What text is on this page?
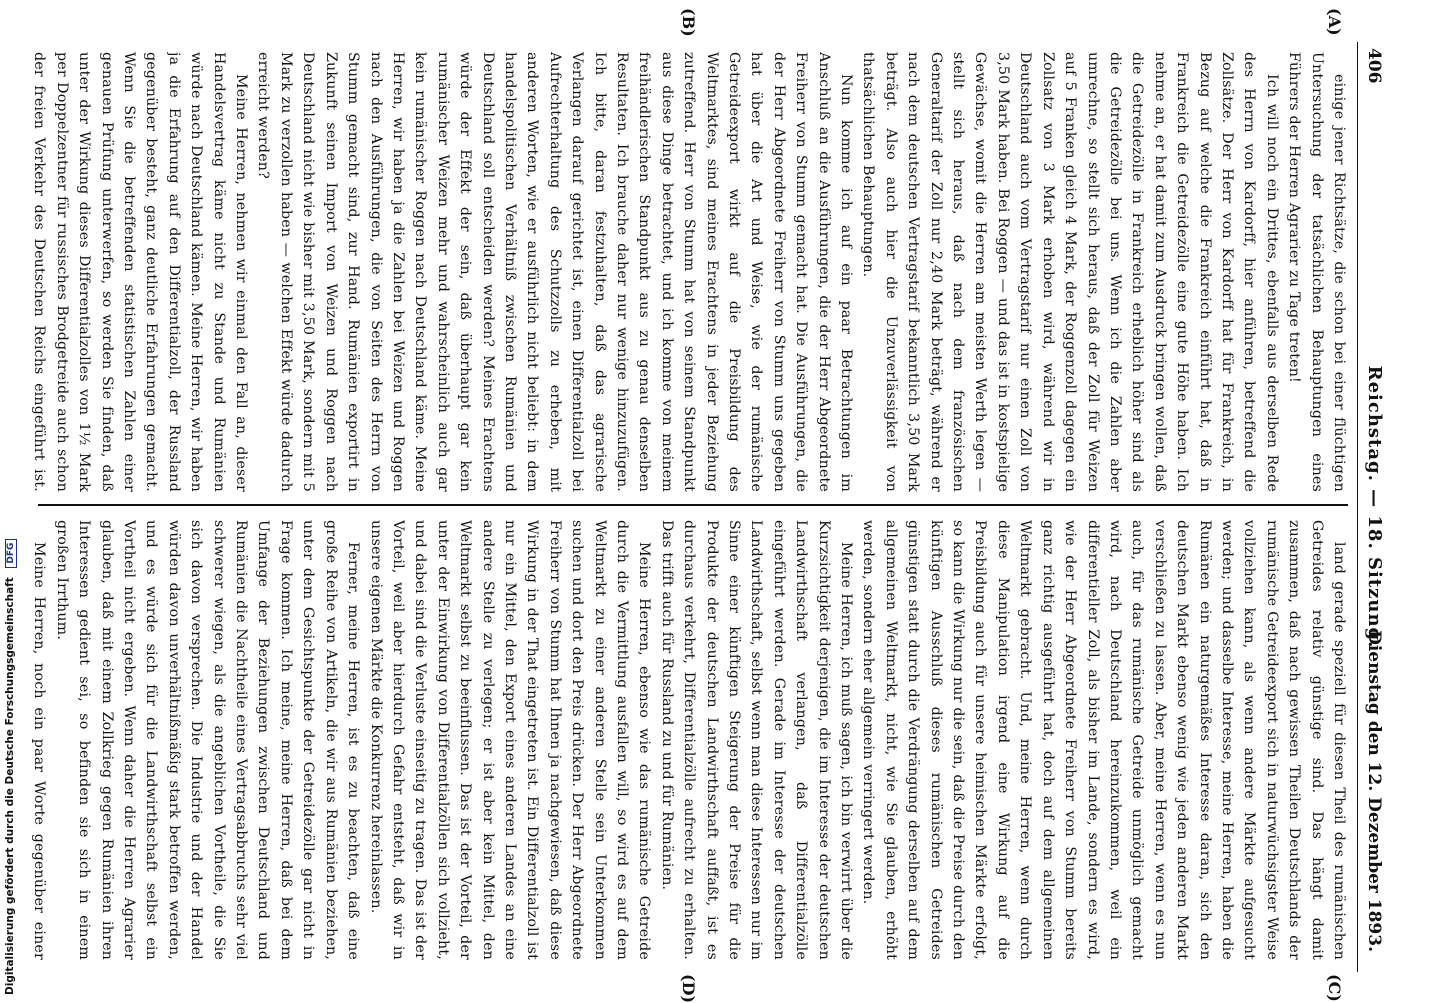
406
Reichstag. — 18. Sitzung.
Dienstag den 12. Dezember 1893.
(A)
(B)
(C)
(D)

einige jener Richtsätze, die schon bei einer flüchtigen Untersuchung der tatsächlichen Behauptungen eines Führers der Herren Agrarier zu Tage treten!

Ich will noch ein Drittes, ebenfalls aus derselben Rede des Herrn von Kardorff, hier anführen, betreffend die Zollsätze. Der Herr von Kardorff hat für Frankreich, in Bezug auf welche die Frankreich einführt hat, daß in Frankreich die Getreidezölle eine gute Höhe haben. Ich nehme an, er hat damit zum Ausdruck bringen wollen, daß die Getreidezölle in Frankreich erheblich höher sind als die Getreidezölle bei uns. Wenn ich die Zahlen aber umrechne, so stellt sich heraus, daß der Zoll für Weizen auf 5 Franken gleich 4 Mark, der Roggenzoll dagegen ein Zollsatz von 3 Mark erhoben wird, während wir in Deutschland auch vom Vertragstarif nur einen Zoll von 3,50 Mark haben. Bei Roggen — und das ist in kostspielige Gewächse, womit die Herren am meisten Werth legen — stellt sich heraus, daß nach dem französischen Generaltarif der Zoll nur 2,40 Mark beträgt, während er nach dem deutschen Vertragstarif bekanntlich 3,50 Mark beträgt. Also auch hier die Unzuverlässigkeit von thatsächlichen Behauptungen.

Nun komme ich auf ein paar Betrachtungen im Anschluß an die Ausführungen, die der Herr Abgeordnete Freiherr von Stumm gemacht hat. Die Ausführungen, die der Herr Abgeordnete Freiherr von Stumm uns gegeben hat über die Art und Weise, wie der rumänische Getreideexport wirkt auf die Preisbildung des Weltmarktes, sind meines Erachtens in jeder Beziehung zutreffend. Herr von Stumm hat von seinem Standpunkt aus diese Dinge betrachtet, und ich komme von meinem freihändlerischen Standpunkt aus zu genau denselben Resultaten. Ich brauche daher nur wenige hinzuzufügen. Ich bitte, daran festzuhalten, daß das agrarische Verlangen darauf gerichtet ist, einen Differentialzoll bei Aufrechterhaltung des Schutzzolls zu erheben, mit anderen Worten, wie er ausführlich nicht beliebt: in dem handelspolitischen Verhältniß zwischen Rumänien und Deutschland soll entscheiden werden? Meines Erachtens würde der Effekt der sein, daß überhaupt gar kein rumänischer Weizen mehr und wahrscheinlich auch gar kein rumänischer Roggen nach Deutschland käme. Meine Herren, wir haben ja die Zahlen bei Weizen und Roggen nach den Ausführungen, die von Seiten des Herrn von Stumm gemacht sind, zur Hand. Rumänien exportirt in Zukunft seinen Import von Weizen und Roggen nach Deutschland nicht wie bisher mit 3,50 Mark, sondern mit 5 Mark zu verzollen haben — welchen Effekt würde dadurch erreicht werden?

Meine Herren, nehmen wir einmal den Fall an, dieser Handelsvertrag käme nicht zu Stande und Rumänien würde nach Deutschland kämen. Meine Herren, wir haben ja die Erfahrung auf den Differentialzoll, der Russland gegenüber besteht, ganz deutliche Erfahrungen gemacht. Wenn Sie die betreffenden statistischen Zahlen einer genauen Prüfung unterwerfen, so werden Sie finden, daß unter der Wirkung dieses Differentialzolles von 1½ Mark per Doppelzentner für russisches Brodgetreide auch schon der freien Verkehr des Deutschen Reichs eingeführt ist.

land gerade speziell für diesen Theil des rumänischen Getreides relativ günstige sind. Das hängt damit zusammen, daß nach gewissen Theilen Deutschlands der rumänische Getreideexport sich in naturwüchsigster Weise vollziehen kann, als wenn andere Märkte aufgesucht werden; und dasselbe Interesse, meine Herren, haben die Rumänen ein naturgemäßes Interesse daran, sich den deutschen Markt ebenso wenig wie jeden anderen Markt verschließen zu lassen. Aber, meine Herren, wenn es nun auch, für das rumänische Getreide unmöglich gemacht wird, nach Deutschland hereinzukommen, weil ein differentieller Zoll, als bisher im Lande, sondern es wird, wie der Herr Abgeordnete Freiherr von Stumm bereits ganz richtig ausgeführt hat, doch auf dem allgemeinen Weltmarkt gebracht. Und, meine Herren, wenn durch diese Manipulation irgend eine Wirkung auf die Preisbildung auch für unsere heimischen Märkte erfolgt, so kann die Wirkung nur die sein, daß die Preise durch den künftigen Ausschluß dieses rumänischen Getreides günstigen statt durch die Verdrängung derselben auf dem allgemeinen Weltmarkt, nicht, wie Sie glauben, erhöht werden, sondern eher allgemein verringert werden.

Meine Herren, ich muß sagen, ich bin verwirrt über die Kurzsichtigkeit derjenigen, die im Interesse der deutschen Landwirthschaft verlangen, daß Differentialzölle eingeführt werden. Gerade im Interesse der deutschen Landwirthschaft, selbst wenn man diese Interessen nur im Sinne einer künftigen Steigerung der Preise für die Produkte der deutschen Landwirthschaft auffaßt, ist es durchaus verkehrt, Differentialzölle aufrecht zu erhalten. Das trifft auch für Russland zu und für Rumänien.

Meine Herren, ebenso wie das rumänische Getreide durch die Vermittlung ausfallen will, so wird es auf dem Weltmarkt zu einer anderen Stelle sein Unterkommen suchen und dort den Preis drücken. Der Herr Abgeordnete Freiherr von Stumm hat Ihnen ja nachgewiesen, daß diese Wirkung in der That eingetreten ist. Ein Differentialzoll ist nur ein Mittel, den Export eines anderen Landes an eine andere Stelle zu verlegen; er ist aber kein Mittel, den Weltmarkt selbst zu beeinflussen. Das ist der Vorteil, der unter der Einwirkung von Differentialzöllen sich vollzieht, und dabei sind die Verluste einseitig zu tragen. Das ist der Vorteil, weil aber hierdurch Gefahr entsteht, daß wir in unsere eigenen Märkte die Konkurrenz hereinlassen.

Ferner, meine Herren, ist es zu beachten, daß eine große Reihe von Artikeln, die wir aus Rumänien beziehen, unter dem Gesichtspunkte der Getreidezölle gar nicht in Frage kommen. Ich meine, meine Herren, daß bei dem Umfange der Beziehungen zwischen Deutschland und Rumänien die Nachtheile eines Vertragsabbruchs sehr viel schwerer wiegen, als die angeblichen Vortheile, die Sie sich davon versprechen. Die Industrie und der Handel würden davon unverhältnißmäßig stark betroffen werden, und es würde sich für die Landwirthschaft selbst ein Vortheil nicht ergeben. Wenn daher die Herren Agrarier glauben, daß mit einem Zollkrieg gegen Rumänien ihren Interessen gedient sei, so befinden sie sich in einem großen Irrthum.

Meine Herren, noch ein paar Worte gegenüber einer

Digitalisierung gefördert durch die Deutsche Forschungsgemeinschaft DFG
